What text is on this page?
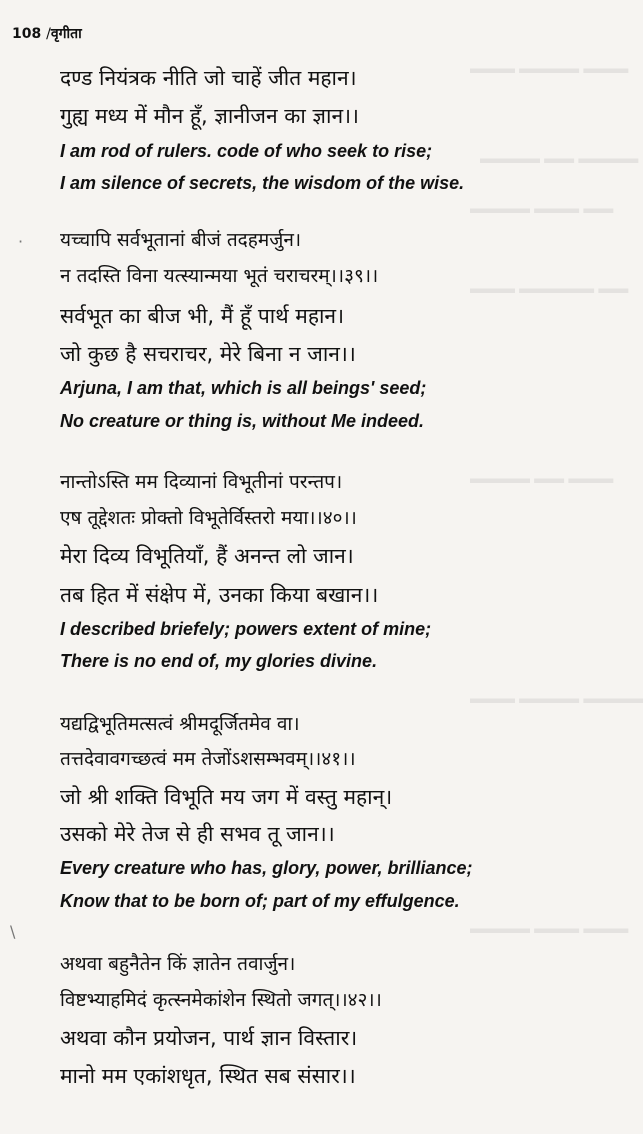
▬▬▬ ▬▬▬▬ ▬▬▬
▬▬▬▬ ▬▬ ▬▬▬▬
▬▬▬▬ ▬▬▬ ▬▬
▬▬▬ ▬▬▬▬▬ ▬▬
▬▬▬▬ ▬▬ ▬▬▬
▬▬▬ ▬▬▬▬ ▬▬▬▬
▬▬▬▬ ▬▬▬ ▬▬▬
108 /वृगीता
दण्ड नियंत्रक नीति जो चाहें जीत महान।
गुह्य मध्य में मौन हूँ, ज्ञानीजन का ज्ञान।।
I am rod of rulers. code of who seek to rise;
I am silence of secrets, the wisdom of the wise.
· यच्चापि सर्वभूतानां बीजं तदहमर्जुन।
न तदस्ति विना यत्स्यान्मया भूतं चराचरम्।।३९।।
सर्वभूत का बीज भी, मैं हूँ पार्थ महान।
जो कुछ है सचराचर, मेरे बिना न जान।।
Arjuna, I am that, which is all beings' seed;
No creature or thing is, without Me indeed.
नान्तोऽस्ति मम दिव्यानां विभूतीनां परन्तप।
एष तूद्देशतः प्रोक्तो विभूतेर्विस्तरो मया।।४०।।
मेरा दिव्य विभूतियाँ, हैं अनन्त लो जान।
तब हित में संक्षेप में, उनका किया बखान।।
I described briefely; powers extent of mine;
There is no end of, my glories divine.
यद्यद्विभूतिमत्सत्वं श्रीमदूर्जितमेव वा।
तत्तदेवावगच्छत्वं मम तेजोंऽशसम्भवम्।।४१।।
जो श्री शक्ति विभूति मय जग में वस्तु महान्।
उसको मेरे तेज से ही सभव तू जान।।
Every creature who has, glory, power, brilliance;
Know that to be born of; part of my effulgence.
\
अथवा बहुनैतेन किं ज्ञातेन तवार्जुन।
विष्टभ्याहमिदं कृत्स्नमेकांशेन स्थितो जगत्।।४२।।
अथवा कौन प्रयोजन, पार्थ ज्ञान विस्तार।
मानो मम एकांशधृत, स्थित सब संसार।।
